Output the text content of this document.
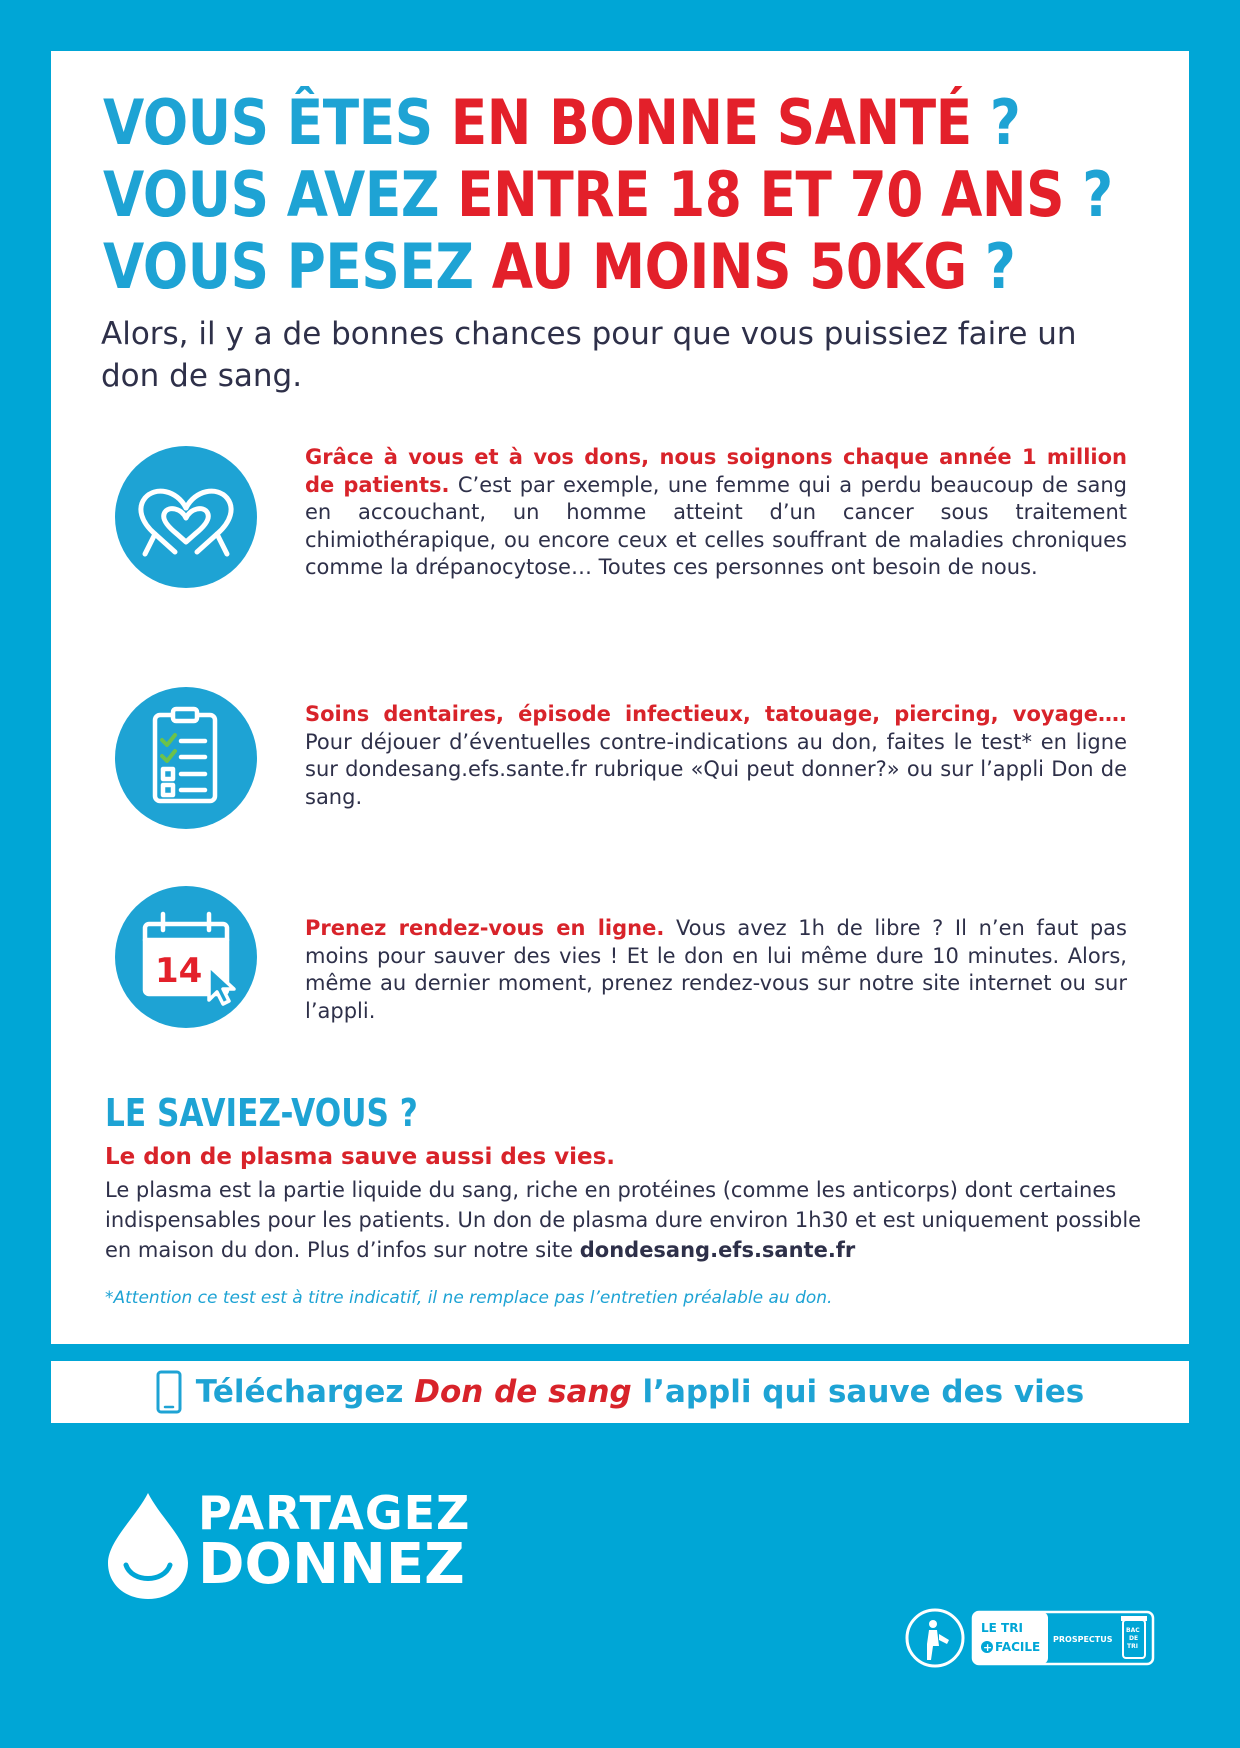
VOUS ÊTES EN BONNE SANTÉ ?
VOUS AVEZ ENTRE 18 ET 70 ANS ?
VOUS PESEZ AU MOINS 50KG ?

Alors, il y a de bonnes chances pour que vous puissiez faire un don de sang.

Grâce à vous et à vos dons, nous soignons chaque année 1 million de patients. C’est par exemple, une femme qui a perdu beaucoup de sang en accouchant, un homme atteint d’un cancer sous traitement chimiothérapique, ou encore ceux et celles souffrant de maladies chroniques comme la drépanocytose… Toutes ces personnes ont besoin de nous.

Soins dentaires, épisode infectieux, tatouage, piercing, voyage…. Pour déjouer d’éventuelles contre-indications au don, faites le test* en ligne sur dondesang.efs.sante.fr rubrique «Qui peut donner?» ou sur l’appli Don de sang.

14

Prenez rendez-vous en ligne. Vous avez 1h de libre ? Il n’en faut pas moins pour sauver des vies ! Et le don en lui même dure 10 minutes. Alors, même au dernier moment, prenez rendez-vous sur notre site internet ou sur l’appli.

LE SAVIEZ-VOUS ?
Le don de plasma sauve aussi des vies.

Le plasma est la partie liquide du sang, riche en protéines (comme les anticorps) dont certaines indispensables pour les patients. Un don de plasma dure environ 1h30 et est uniquement possible en maison du don. Plus d’infos sur notre site dondesang.efs.sante.fr

*Attention ce test est à titre indicatif, il ne remplace pas l’entretien préalable au don.
Téléchargez Don de sang l’appli qui sauve des vies
PARTAGEZ
DONNEZ
LE TRI
+ FACILE
PROSPECTUS
BAC
DE
TRI
